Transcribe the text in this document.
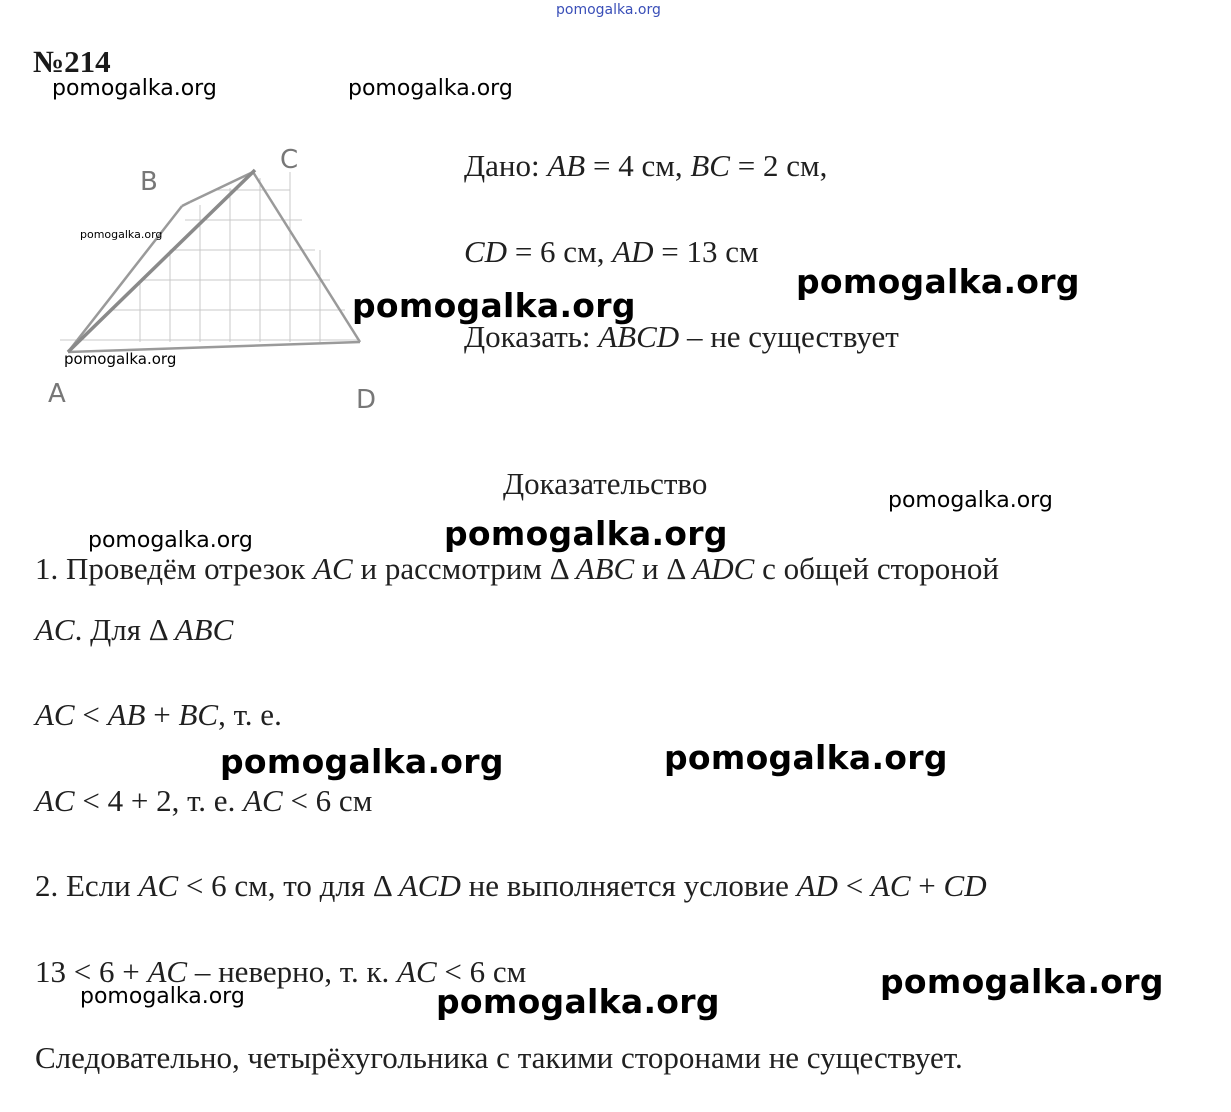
pomogalka.org
№214
B
C
A	D
pomogalka.org	pomogalka.org
pomogalka.org
pomogalka.org
pomogalka.org
pomogalka.org
pomogalka.org
pomogalka.org	pomogalka.org
pomogalka.org	pomogalka.org
pomogalka.org
pomogalka.org	pomogalka.org
Дано: AB = 4 см, BC = 2 см,
CD = 6 см, AD = 13 см
Доказать: ABCD – не существует
Доказательство
1. Проведём отрезок AC и рассмотрим Δ ABC и Δ ADC с общей стороной
AC. Для Δ ABC
AC < AB + BC, т. е.
AC < 4 + 2, т. е. AC < 6 см
2. Если AC < 6 см, то для Δ ACD не выполняется условие AD < AC + CD
13 < 6 + AC – неверно, т. к. AC < 6 см
Следовательно, четырёхугольника с такими сторонами не существует.
